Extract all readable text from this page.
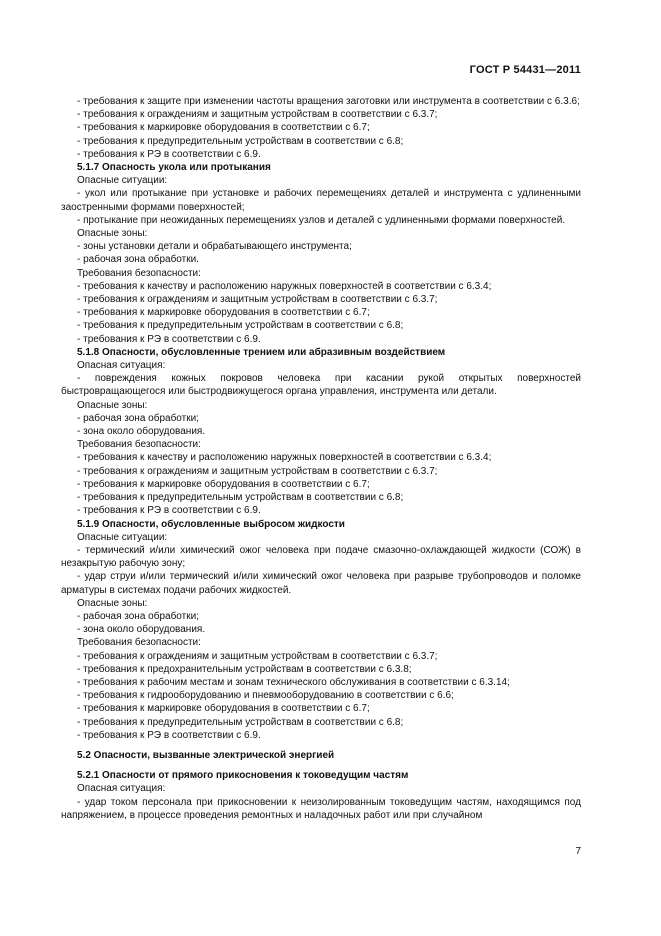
ГОСТ Р 54431—2011

- требования к защите при изменении частоты вращения заготовки или инструмента в соответствии с 6.3.6;

- требования к ограждениям и защитным устройствам в соответствии с 6.3.7;

- требования к маркировке оборудования в соответствии с 6.7;

- требования к предупредительным устройствам в соответствии с 6.8;

- требования к РЭ в соответствии с 6.9.

5.1.7 Опасность укола или протыкания

Опасные ситуации:

- укол или протыкание при установке и рабочих перемещениях деталей и инструмента с удлиненными заостренными формами поверхностей;

- протыкание при неожиданных перемещениях узлов и деталей с удлиненными формами поверхностей.

Опасные зоны:

- зоны установки детали и обрабатывающего инструмента;

- рабочая зона обработки.

Требования безопасности:

- требования к качеству и расположению наружных поверхностей в соответствии с 6.3.4;

- требования к ограждениям и защитным устройствам в соответствии с 6.3.7;

- требования к маркировке оборудования в соответствии с 6.7;

- требования к предупредительным устройствам в соответствии с 6.8;

- требования к РЭ в соответствии с 6.9.

5.1.8 Опасности, обусловленные трением или абразивным воздействием

Опасная ситуация:

- повреждения кожных покровов человека при касании рукой открытых поверхностей быстровращающегося или быстродвижущегося органа управления, инструмента или детали.

Опасные зоны:

- рабочая зона обработки;

- зона около оборудования.

Требования безопасности:

- требования к качеству и расположению наружных поверхностей в соответствии с 6.3.4;

- требования к ограждениям и защитным устройствам в соответствии с 6.3.7;

- требования к маркировке оборудования в соответствии с 6.7;

- требования к предупредительным устройствам в соответствии с 6.8;

- требования к РЭ в соответствии с 6.9.

5.1.9 Опасности, обусловленные выбросом жидкости

Опасные ситуации:

- термический и/или химический ожог человека при подаче смазочно-охлаждающей жидкости (СОЖ) в незакрытую рабочую зону;

- удар струи и/или термический и/или химический ожог человека при разрыве трубопроводов и поломке арматуры в системах подачи рабочих жидкостей.

Опасные зоны:

- рабочая зона обработки;

- зона около оборудования.

Требования безопасности:

- требования к ограждениям и защитным устройствам в соответствии с 6.3.7;

- требования к предохранительным устройствам в соответствии с 6.3.8;

- требования к рабочим местам и зонам технического обслуживания в соответствии с 6.3.14;

- требования к гидрооборудованию и пневмооборудованию в соответствии с 6.6;

- требования к маркировке оборудования в соответствии с 6.7;

- требования к предупредительным устройствам в соответствии с 6.8;

- требования к РЭ в соответствии с 6.9.

5.2 Опасности, вызванные электрической энергией

5.2.1 Опасности от прямого прикосновения к токоведущим частям

Опасная ситуация:

- удар током персонала при прикосновении к неизолированным токоведущим частям, находящимся под напряжением, в процессе проведения ремонтных и наладочных работ или при случайном

7
